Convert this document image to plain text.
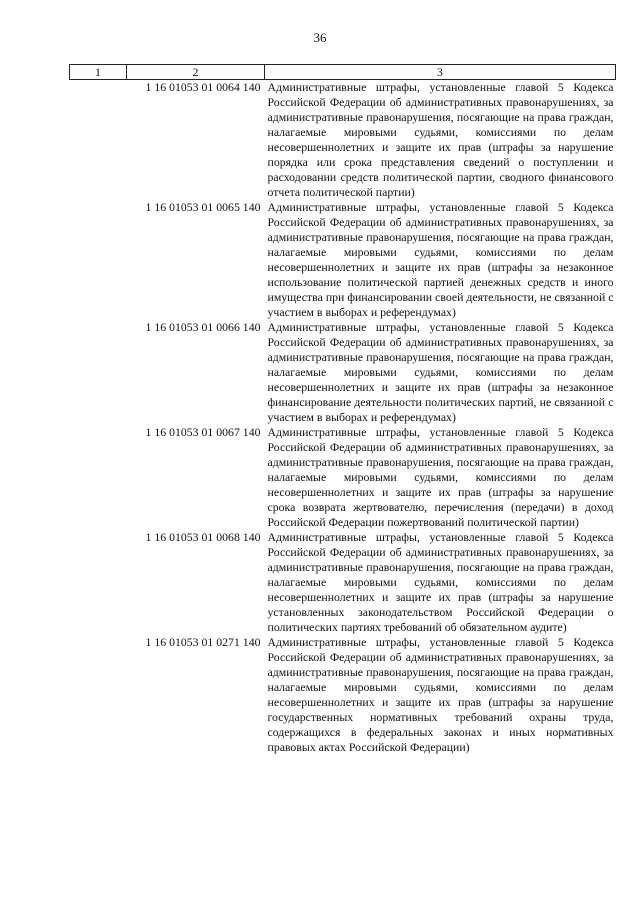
36
1	2	3
	1 16 01053 01 0064 140	Административные штрафы, установленные главой 5 Кодекса Российской Федерации об административных правонарушениях, за административные правонарушения, посягающие на права граждан, налагаемые мировыми судьями, комиссиями по делам несовершеннолетних и защите их прав (штрафы за нарушение порядка или срока представления сведений о поступлении и расходовании средств политической партии, сводного финансового отчета политической партии)
	1 16 01053 01 0065 140	Административные штрафы, установленные главой 5 Кодекса Российской Федерации об административных правонарушениях, за административные правонарушения, посягающие на права граждан, налагаемые мировыми судьями, комиссиями по делам несовершеннолетних и защите их прав (штрафы за незаконное использование политической партией денежных средств и иного имущества при финансировании своей деятельности, не связанной с участием в выборах и референдумах)
	1 16 01053 01 0066 140	Административные штрафы, установленные главой 5 Кодекса Российской Федерации об административных правонарушениях, за административные правонарушения, посягающие на права граждан, налагаемые мировыми судьями, комиссиями по делам несовершеннолетних и защите их прав (штрафы за незаконное финансирование деятельности политических партий, не связанной с участием в выборах и референдумах)
	1 16 01053 01 0067 140	Административные штрафы, установленные главой 5 Кодекса Российской Федерации об административных правонарушениях, за административные правонарушения, посягающие на права граждан, налагаемые мировыми судьями, комиссиями по делам несовершеннолетних и защите их прав (штрафы за нарушение срока возврата жертвователю, перечисления (передачи) в доход Российской Федерации пожертвований политической партии)
	1 16 01053 01 0068 140	Административные штрафы, установленные главой 5 Кодекса Российской Федерации об административных правонарушениях, за административные правонарушения, посягающие на права граждан, налагаемые мировыми судьями, комиссиями по делам несовершеннолетних и защите их прав (штрафы за нарушение установленных законодательством Российской Федерации о политических партиях требований об обязательном аудите)
	1 16 01053 01 0271 140	Административные штрафы, установленные главой 5 Кодекса Российской Федерации об административных правонарушениях, за административные правонарушения, посягающие на права граждан, налагаемые мировыми судьями, комиссиями по делам несовершеннолетних и защите их прав (штрафы за нарушение государственных нормативных требований охраны труда, содержащихся в федеральных законах и иных нормативных правовых актах Российской Федерации)
